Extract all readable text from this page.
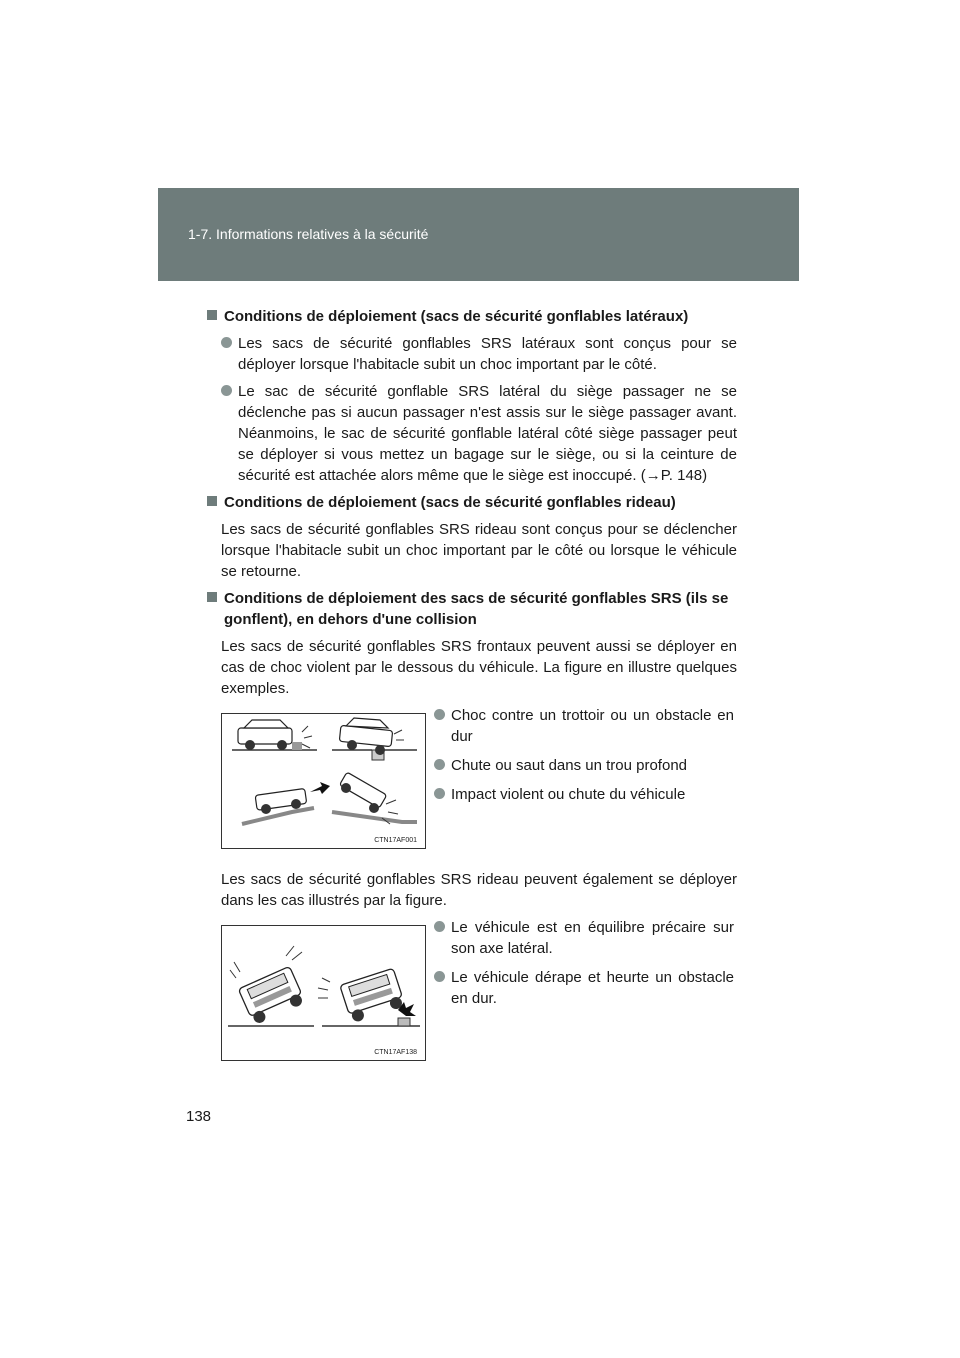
1-7. Informations relatives à la sécurité
Conditions de déploiement (sacs de sécurité gonflables latéraux)
Les sacs de sécurité gonflables SRS latéraux sont conçus pour se déployer lorsque l'habitacle subit un choc important par le côté.
Le sac de sécurité gonflable SRS latéral du siège passager ne se déclenche pas si aucun passager n'est assis sur le siège passager avant. Néanmoins, le sac de sécurité gonflable latéral côté siège passager peut se déployer si vous mettez un bagage sur le siège, ou si la ceinture de sécurité est attachée alors même que le siège est inoccupé. (→P. 148)
Conditions de déploiement (sacs de sécurité gonflables rideau)
Les sacs de sécurité gonflables SRS rideau sont conçus pour se déclencher lorsque l'habitacle subit un choc important par le côté ou lorsque le véhicule se retourne.
Conditions de déploiement des sacs de sécurité gonflables SRS (ils se gonflent), en dehors d'une collision
Les sacs de sécurité gonflables SRS frontaux peuvent aussi se déployer en cas de choc violent par le dessous du véhicule. La figure en illustre quelques exemples.
CTN17AF001
Choc contre un trottoir ou un obstacle en dur
Chute ou saut dans un trou profond
Impact violent ou chute du véhicule
Les sacs de sécurité gonflables SRS rideau peuvent également se déployer dans les cas illustrés par la figure.
CTN17AF138
Le véhicule est en équilibre précaire sur son axe latéral.
Le véhicule dérape et heurte un obstacle en dur.
138
